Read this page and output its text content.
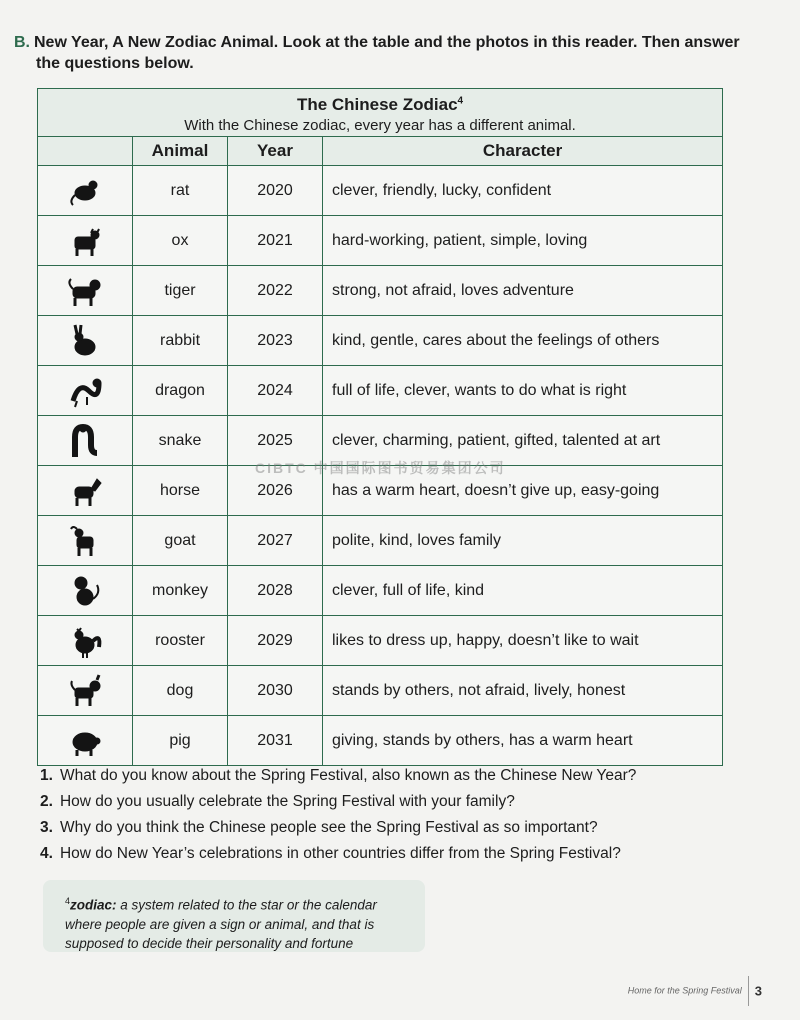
B. New Year, A New Zodiac Animal. Look at the table and the photos in this reader. Then answer
the questions below.
The Chinese Zodiac$^4$
With the Chinese zodiac, every year has a different animal.			

	Animal	Year	Character
	rat	2020	clever, friendly, lucky, confident
	ox	2021	hard-working, patient, simple, loving
	tiger	2022	strong, not afraid, loves adventure
	rabbit	2023	kind, gentle, cares about the feelings of others
	dragon	2024	full of life, clever, wants to do what is right
	snake	2025	clever, charming, patient, gifted, talented at art
	horse	2026	has a warm heart, doesn’t give up, easy-going
	goat	2027	polite, kind, loves family
	monkey	2028	clever, full of life, kind
	rooster	2029	likes to dress up, happy, doesn’t like to wait
	dog	2030	stands by others, not afraid, lively, honest
	pig	2031	giving, stands by others, has a warm heart
CIBTC 中国国际图书贸易集团公司
1. What do you know about the Spring Festival, also known as the Chinese New Year?
2. How do you usually celebrate the Spring Festival with your family?
3. Why do you think the Chinese people see the Spring Festival as so important?
4. How do New Year’s celebrations in other countries differ from the Spring Festival?
$^4$zodiac: a system related to the star or the calendar where people are given a sign or animal, and that is supposed to decide their personality and fortune
Home for the Spring Festival 3
